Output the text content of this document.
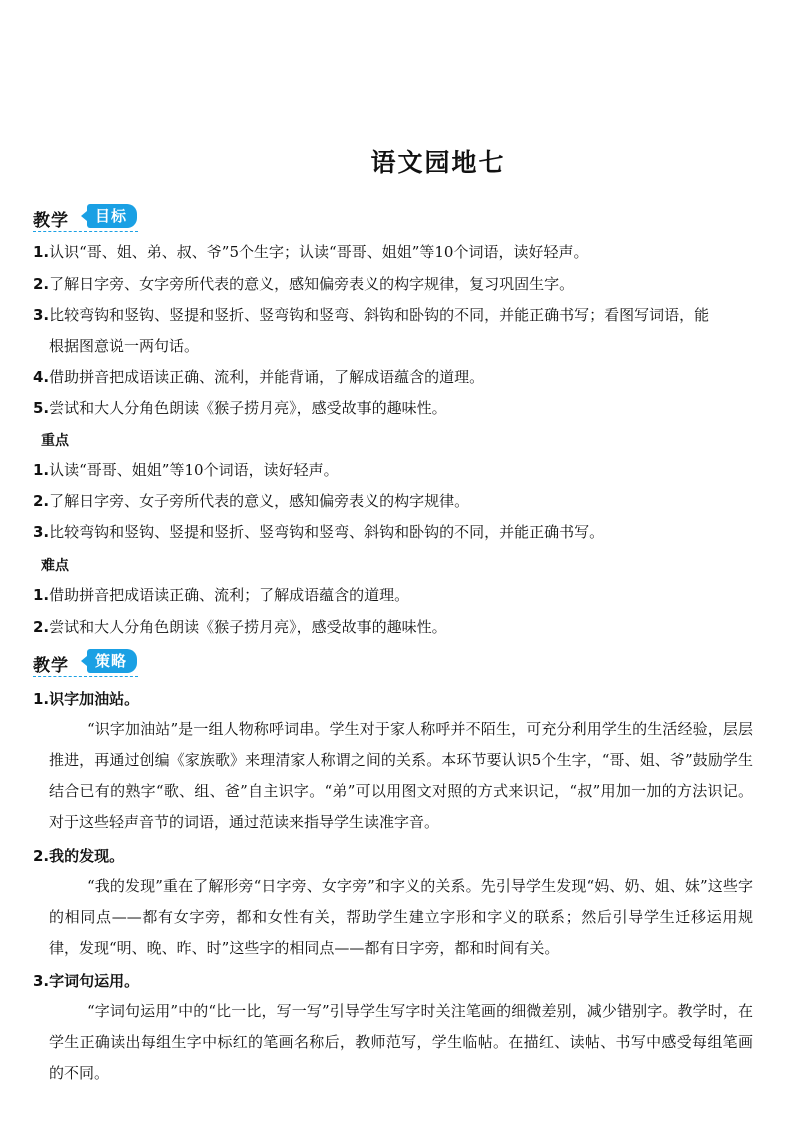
语文园地七
教学	目标
1.认识“哥、姐、弟、叔、爷”5个生字；认读“哥哥、姐姐”等10个词语，读好轻声。
2.了解日字旁、女字旁所代表的意义，感知偏旁表义的构字规律，复习巩固生字。
3.比较弯钩和竖钩、竖提和竖折、竖弯钩和竖弯、斜钩和卧钩的不同，并能正确书写；看图写词语，能
根据图意说一两句话。
4.借助拼音把成语读正确、流利，并能背诵，了解成语蕴含的道理。
5.尝试和大人分角色朗读《猴子捞月亮》，感受故事的趣味性。
重点
1.认读“哥哥、姐姐”等10个词语，读好轻声。
2.了解日字旁、女子旁所代表的意义，感知偏旁表义的构字规律。
3.比较弯钩和竖钩、竖提和竖折、竖弯钩和竖弯、斜钩和卧钩的不同，并能正确书写。
难点
1.借助拼音把成语读正确、流利；了解成语蕴含的道理。
2.尝试和大人分角色朗读《猴子捞月亮》，感受故事的趣味性。
教学	策略
1.识字加油站。

“识字加油站”是一组人物称呼词串。学生对于家人称呼并不陌生，可充分利用学生的生活经验，层层推进，再通过创编《家族歌》来理清家人称谓之间的关系。本环节要认识5个生字，“哥、姐、爷”鼓励学生结合已有的熟字“歌、组、爸”自主识字。“弟”可以用图文对照的方式来识记，“叔”用加一加的方法识记。对于这些轻声音节的词语，通过范读来指导学生读准字音。

2.我的发现。

“我的发现”重在了解形旁“日字旁、女字旁”和字义的关系。先引导学生发现“妈、奶、姐、妹”这些字的相同点——都有女字旁，都和女性有关，帮助学生建立字形和字义的联系；然后引导学生迁移运用规律，发现“明、晚、昨、时”这些字的相同点——都有日字旁，都和时间有关。

3.字词句运用。

“字词句运用”中的“比一比，写一写”引导学生写字时关注笔画的细微差别，减少错别字。教学时，在学生正确读出每组生字中标红的笔画名称后，教师范写，学生临帖。在描红、读帖、书写中感受每组笔画的不同。
